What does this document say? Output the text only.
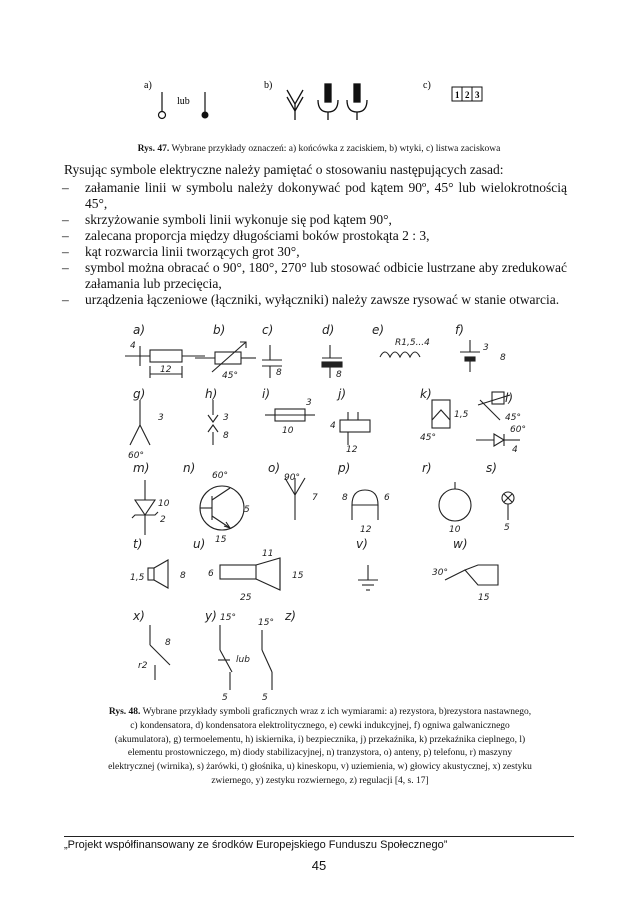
a)
lub
b)	c)
1 2 3
Rys. 47. Wybrane przykłady oznaczeń: a) końcówka z zaciskiem, b) wtyki, c) listwa zaciskowa
Rysując symbole elektryczne należy pamiętać o stosowaniu następujących zasad:
– załamanie linii w symbolu należy dokonywać pod kątem 90º, 45° lub wielokrotnością 45°,
– skrzyżowanie symboli linii wykonuje się pod kątem 90°,
– zalecana proporcja między długościami boków prostokąta 2 : 3,
– kąt rozwarcia linii tworzących grot 30°,
– symbol można obracać o 90°, 180°, 270° lub stosować odbicie lustrzane aby zredukować załamania lub przecięcia,
– urządzenia łączeniowe (łączniki, wyłączniki) należy zawsze rysować w stanie otwarcia.
a)
12
4
b)
45°
c)
8
d)
8
e)
R1,5...4
f)
3
8
g)
60°
3
h)
3
8
i)
10
3
j)
4
12
k)
1,5
45°
45°
l)
60°
4
m)
2
10
n)
60°
5
15
o)
90°
7
p)
8	6
12
r)
10
s)
5
t)
1,5	8
u)
11
6
25
15
v)	w)
30°
15
x)
8
r2
y) 15°
lub
5
z)
15°
5
Rys. 48. Wybrane przykłady symboli graficznych wraz z ich wymiarami: a) rezystora, b)rezystora nastawnego,
c) kondensatora, d) kondensatora elektrolitycznego, e) cewki indukcyjnej, f) ogniwa galwanicznego
(akumulatora), g) termoelementu, h) iskiernika, i) bezpiecznika, j) przekaźnika, k) przekaźnika cieplnego, l)
elementu prostowniczego, m) diody stabilizacyjnej, n) tranzystora, o) anteny, p) telefonu, r) maszyny
elektrycznej (wirnika), s) żarówki, t) głośnika, u) kineskopu, v) uziemienia, w) głowicy akustycznej, x) zestyku
zwiernego, y) zestyku rozwiernego, z) regulacji [4, s. 17]
„Projekt współfinansowany ze środków Europejskiego Funduszu Społecznego”
45
